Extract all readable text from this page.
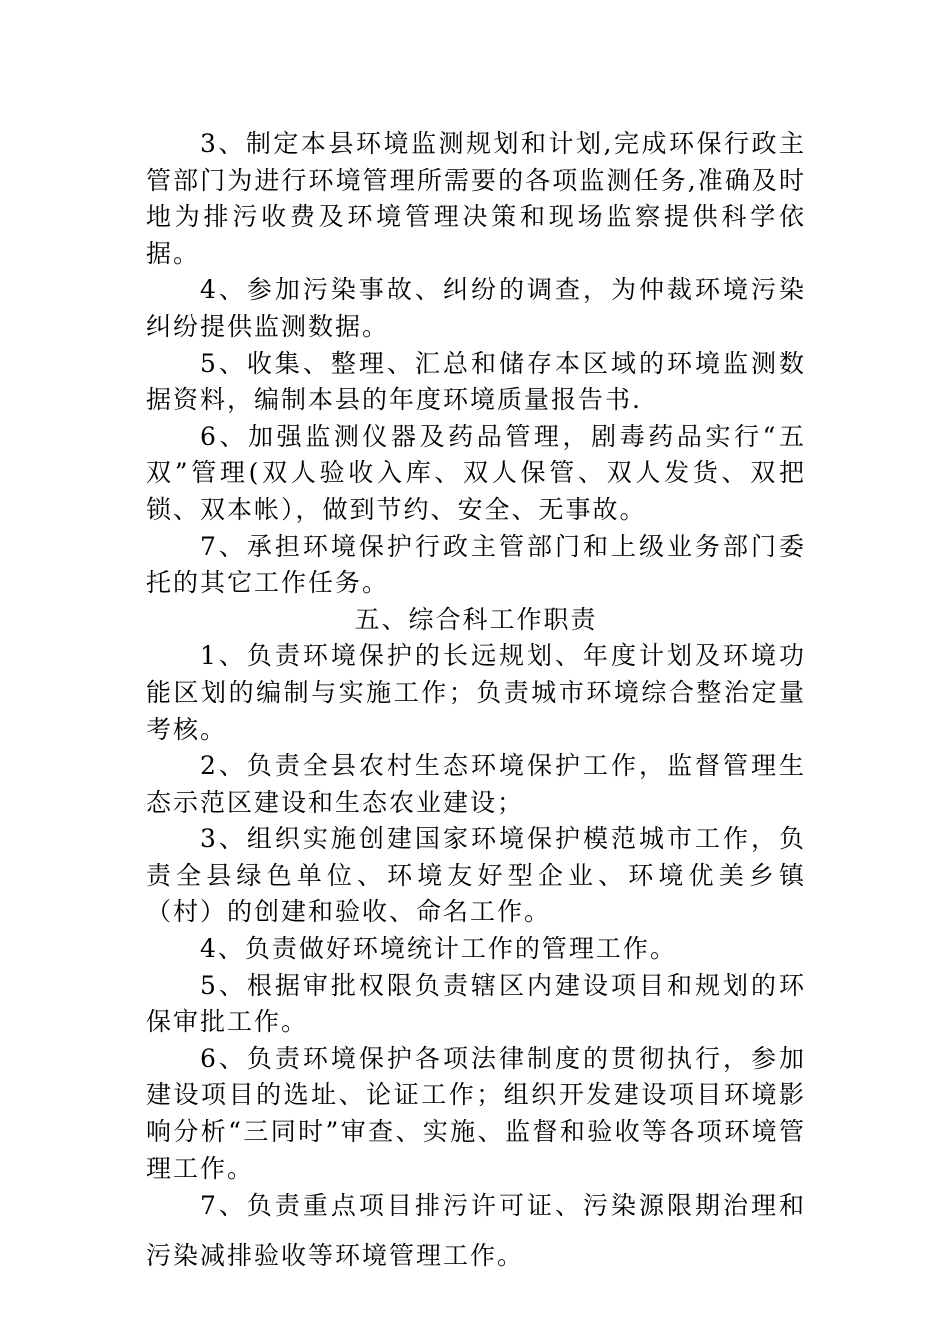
3、制定本县环境监测规划和计划,完成环保行政主管部门为进行环境管理所需要的各项监测任务,准确及时地为排污收费及环境管理决策和现场监察提供科学依据。

4、参加污染事故、纠纷的调查，为仲裁环境污染纠纷提供监测数据。

5、收集、整理、汇总和储存本区域的环境监测数据资料，编制本县的年度环境质量报告书.

6、加强监测仪器及药品管理，剧毒药品实行“五双”管理(双人验收入库、双人保管、双人发货、双把锁、双本帐），做到节约、安全、无事故。

7、承担环境保护行政主管部门和上级业务部门委托的其它工作任务。

五、综合科工作职责

1、负责环境保护的长远规划、年度计划及环境功能区划的编制与实施工作；负责城市环境综合整治定量考核。

2、负责全县农村生态环境保护工作，监督管理生态示范区建设和生态农业建设；

3、组织实施创建国家环境保护模范城市工作，负责全县绿色单位、环境友好型企业、环境优美乡镇（村）的创建和验收、命名工作。

4、负责做好环境统计工作的管理工作。

5、根据审批权限负责辖区内建设项目和规划的环保审批工作。

6、负责环境保护各项法律制度的贯彻执行，参加建设项目的选址、论证工作；组织开发建设项目环境影响分析“三同时”审查、实施、监督和验收等各项环境管理工作。

7、负责重点项目排污许可证、污染源限期治理和污染减排验收等环境管理工作。
